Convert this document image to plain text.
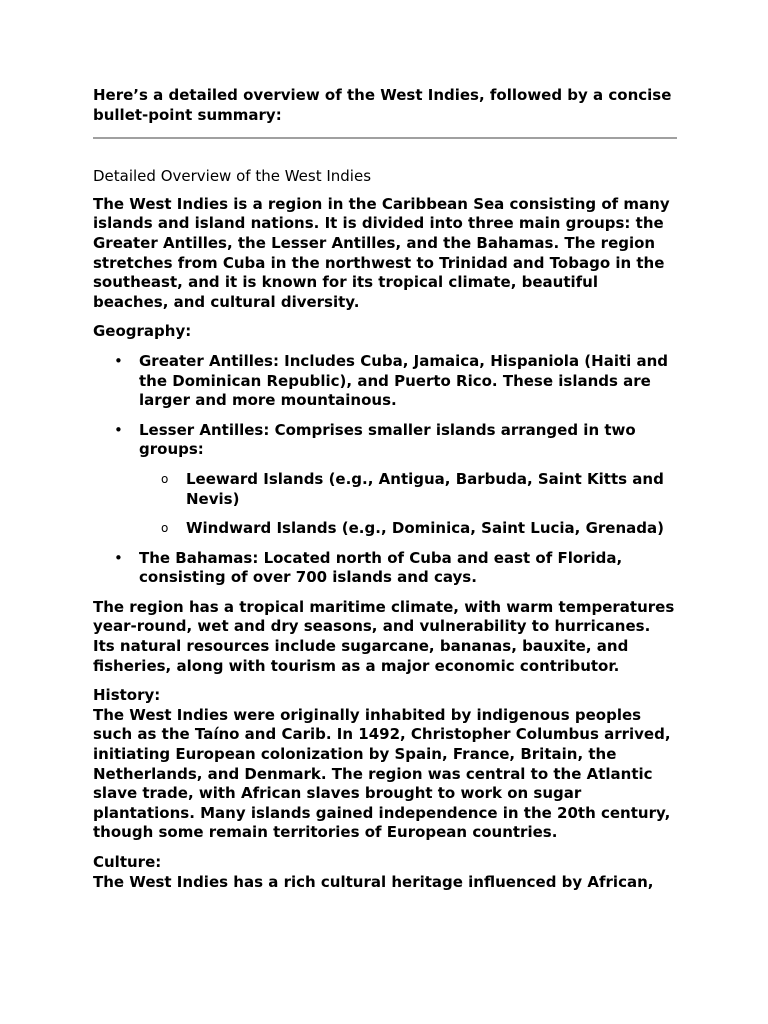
Here’s a detailed overview of the West Indies, followed by a concise bullet-point summary:

Detailed Overview of the West Indies

The West Indies is a region in the Caribbean Sea consisting of many islands and island nations. It is divided into three main groups: the Greater Antilles, the Lesser Antilles, and the Bahamas. The region stretches from Cuba in the northwest to Trinidad and Tobago in the southeast, and it is known for its tropical climate, beautiful beaches, and cultural diversity.

Geography:

• Greater Antilles: Includes Cuba, Jamaica, Hispaniola (Haiti and the Dominican Republic), and Puerto Rico. These islands are larger and more mountainous.
• Lesser Antilles: Comprises smaller islands arranged in two groups:
o Leeward Islands (e.g., Antigua, Barbuda, Saint Kitts and Nevis)
o Windward Islands (e.g., Dominica, Saint Lucia, Grenada)
• The Bahamas: Located north of Cuba and east of Florida, consisting of over 700 islands and cays.

The region has a tropical maritime climate, with warm temperatures year-round, wet and dry seasons, and vulnerability to hurricanes. Its natural resources include sugarcane, bananas, bauxite, and fisheries, along with tourism as a major economic contributor.

History:

The West Indies were originally inhabited by indigenous peoples such as the Taíno and Carib. In 1492, Christopher Columbus arrived, initiating European colonization by Spain, France, Britain, the Netherlands, and Denmark. The region was central to the Atlantic slave trade, with African slaves brought to work on sugar plantations. Many islands gained independence in the 20th century, though some remain territories of European countries.

Culture:

The West Indies has a rich cultural heritage influenced by African,
